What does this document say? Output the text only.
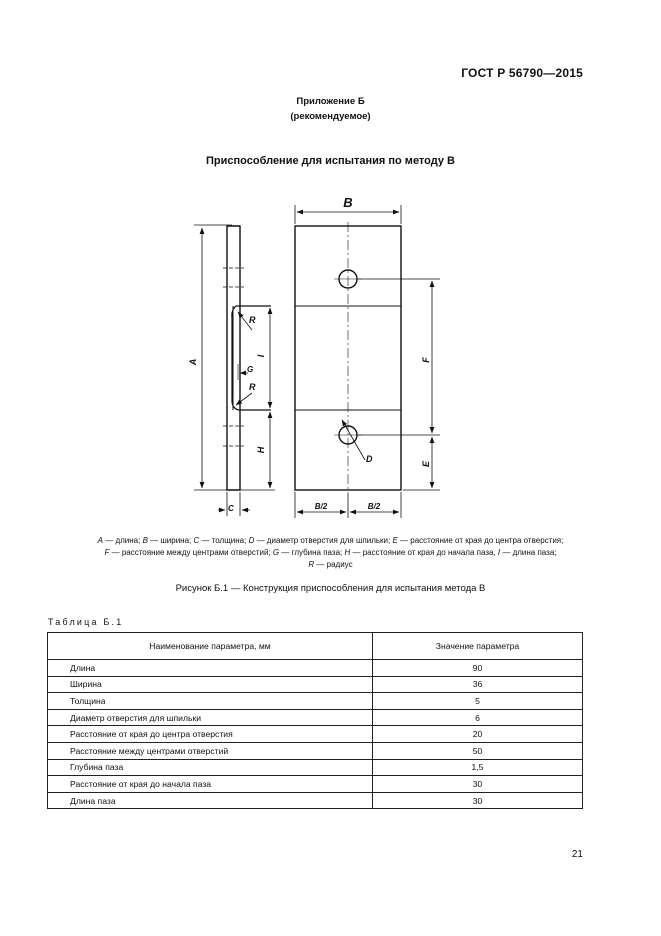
ГОСТ Р 56790—2015
Приложение Б
(рекомендуемое)
Приспособление для испытания по методу В
A
I
H
R
G
R
C
B
F
E
D
B/2	B/2
A — длина; B — ширина; C — толщина; D — диаметр отверстия для шпильки; E — расстояние от края до центра отверстия;
F — расстояние между центрами отверстий; G — глубина паза; H — расстояние от края до начала паза, I — длина паза;
R — радиус
Рисунок Б.1 — Конструкция приспособления для испытания метода В
Таблица Б.1
Наименование параметра, мм	Значение параметра
Длина	90
Ширина	36
Толщина	5
Диаметр отверстия для шпильки	6
Расстояние от края до центра отверстия	20
Расстояние между центрами отверстий	50
Глубина паза	1,5
Расстояние от края до начала паза	30
Длина паза	30
21
